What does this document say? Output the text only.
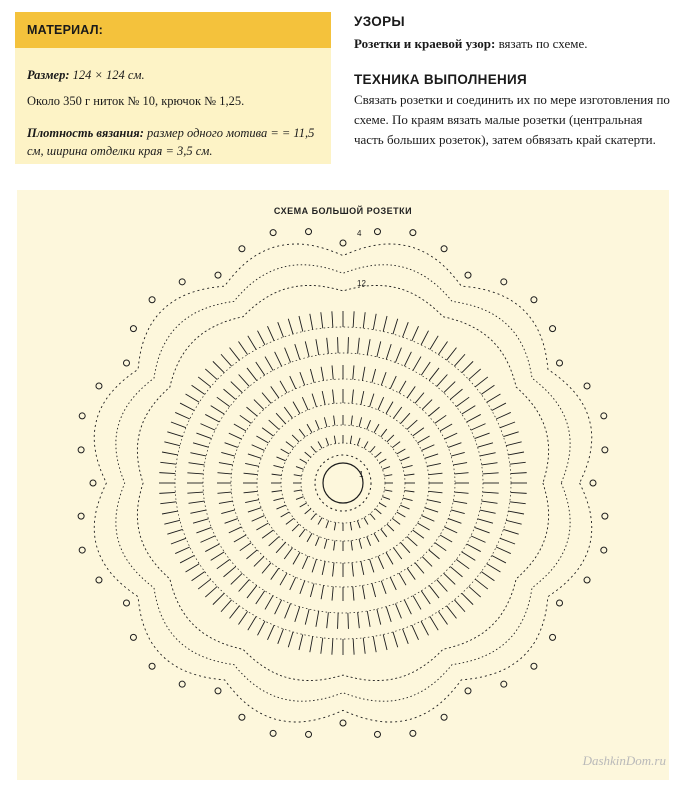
МАТЕРИАЛ:
Размер: 124 × 124 см.
Около 350 г ниток № 10, крючок № 1,25.
Плотность вязания: размер одного мотива = = 11,5 см, ширина отделки края = 3,5 см.
УЗОРЫ
Розетки и краевой узор: вязать по схеме.
ТЕХНИКА ВЫПОЛНЕНИЯ
Связать розетки и соединить их по мере изготовления по схеме. По краям вязать малые розетки (центральная часть больших розеток), затем обвязать край скатерти.
СХЕМА БОЛЬШОЙ РОЗЕТКИ
1
4
12
DashkinDom.ru
